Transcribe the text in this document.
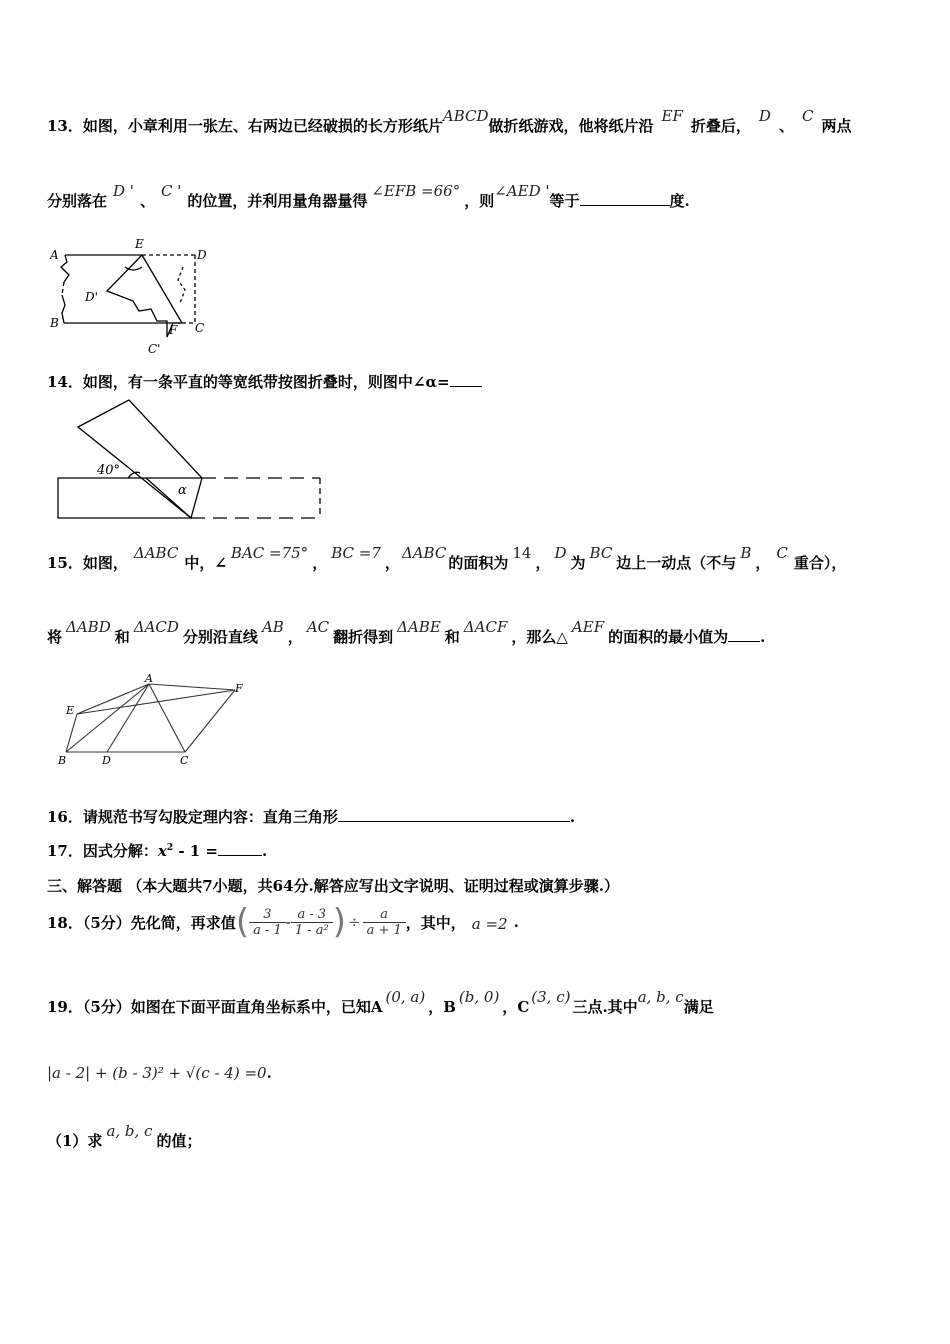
13．如图，小章利用一张左、右两边已经破损的长方形纸片ABCD做折纸游戏，他将纸片沿EF折叠后，D、C两点
分别落在D '、C '的位置，并利用量角器量得∠EFB =66°，则∠AED '等于	度.
A
E
D
D'
B	F C
C'
14．如图，有一条平直的等宽纸带按图折叠时，则图中∠α=
40°
α
15．如图，ΔABC中，∠BAC =75°，BC =7，ΔABC的面积为14，D为BC边上一动点（不与B，C重合），
将ΔABD和ΔACD分别沿直线AB，AC翻折得到ΔABE和ΔACF，那么△AEF的面积的最小值为 .
A
E
F
B	D	C
16．请规范书写勾股定理内容：直角三角形	.
17．因式分解：$x^2 - 1$ =	.
三、解答题 （本大题共7小题，共64分.解答应写出文字说明、证明过程或演算步骤.）
18．（5分）先化简，再求值 ( $\frac{3}{a - 1} - \frac{a - 3}{\text{1 - a²}}$ ) ÷ $\frac{a}{a + 1}$ ，其中， a =2 .
19．（5分）如图在下面平面直角坐标系中，已知A(0, a)，B(b, 0)，C(3, c)三点.其中a, b, c满足
|a - 2| + (b - 3)² + √(c - 4) =0.
（1）求a, b, c的值；
